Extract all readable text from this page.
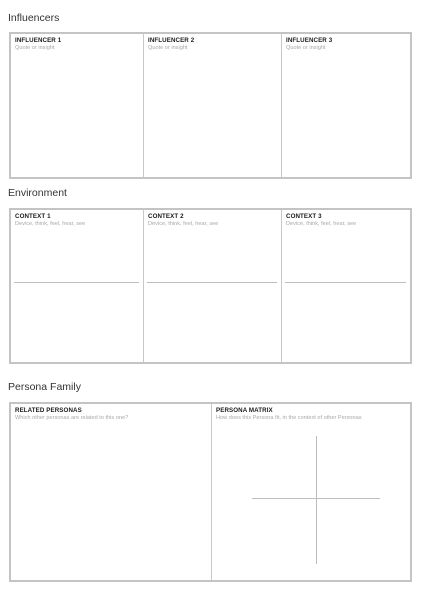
Influencers
INFLUENCER 1
Quote or insight
INFLUENCER 2
Quote or insight
INFLUENCER 3
Quote or insight
Environment
CONTEXT 1
Device, think, feel, hear, see
CONTEXT 2
Device, think, feel, hear, see
CONTEXT 3
Device, think, feel, hear, see
Persona Family
RELATED PERSONAS
Which other personas are related to this one?
PERSONA MATRIX
How does this Persona fit, in the context of other Personas
